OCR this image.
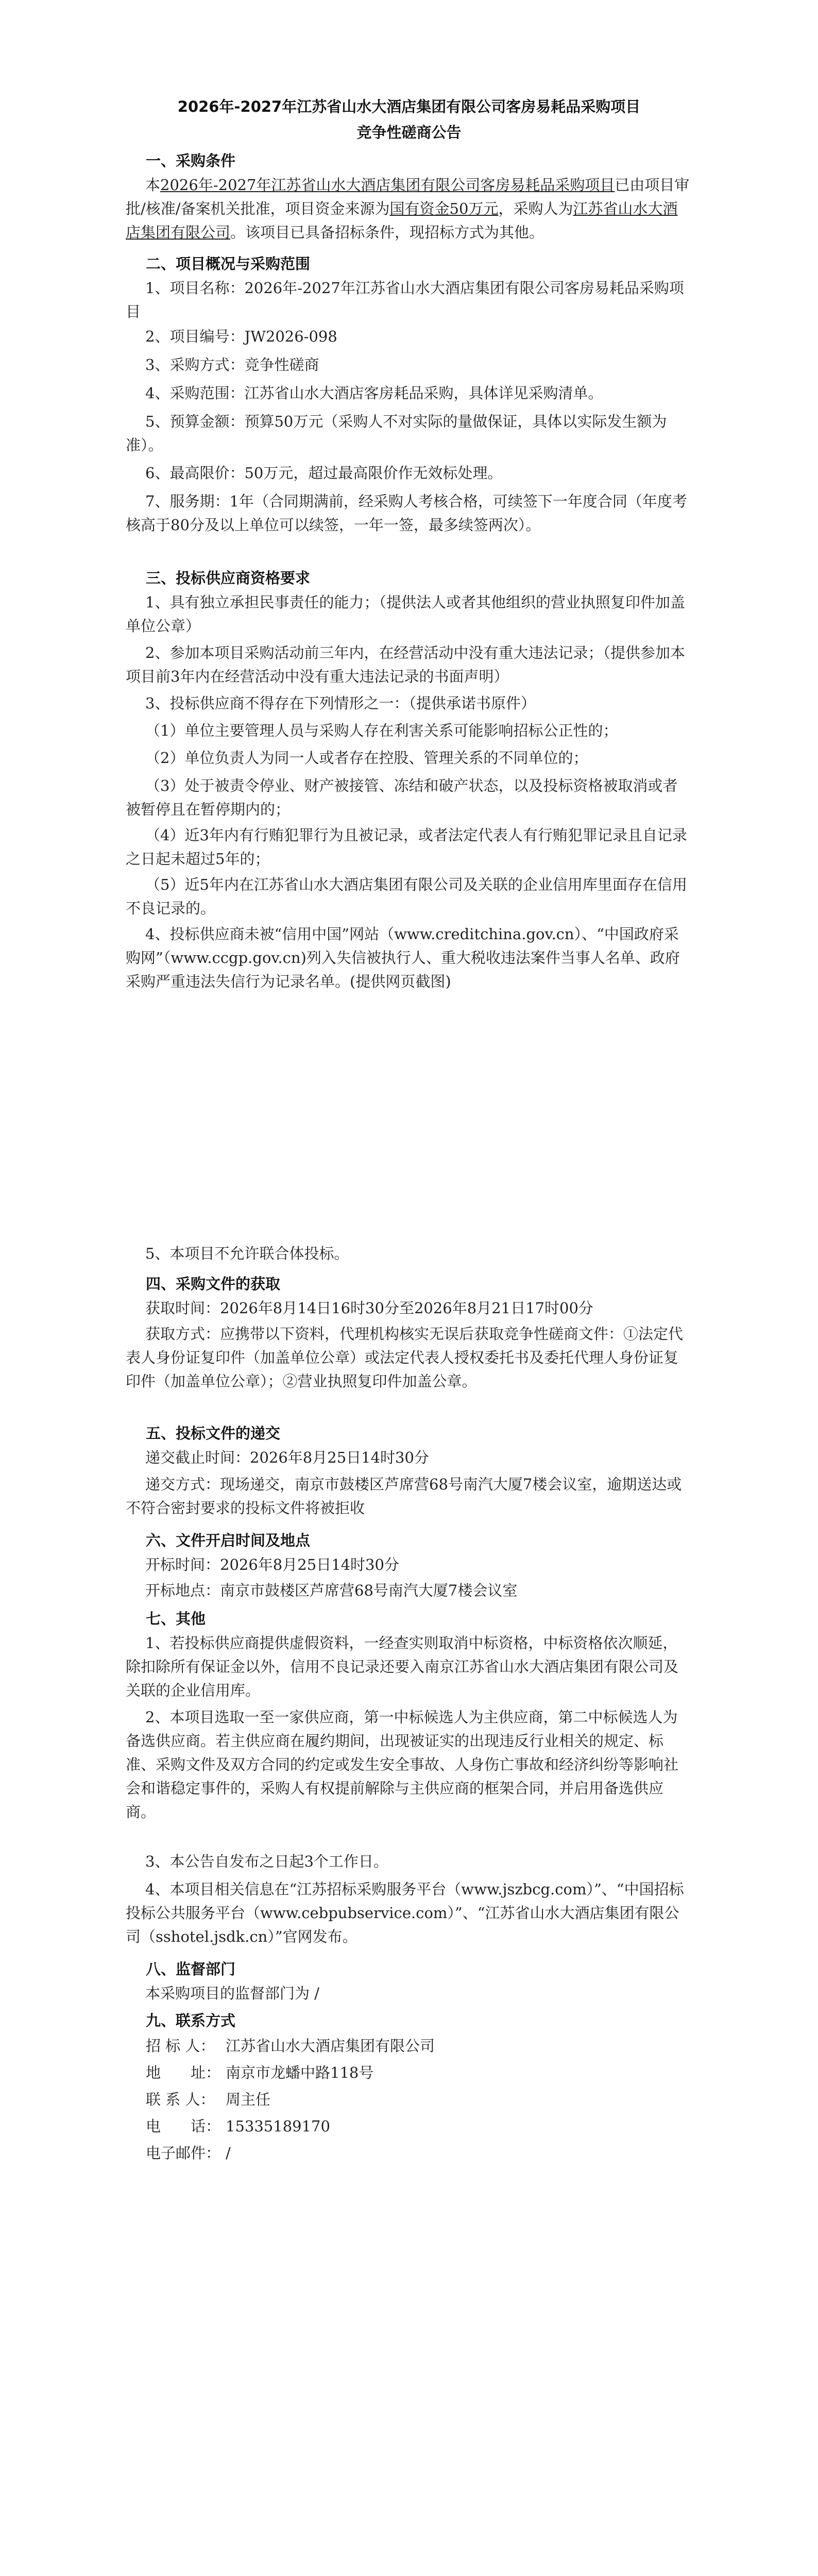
2026年-2027年江苏省山水大酒店集团有限公司客房易耗品采购项目
竞争性磋商公告
一、采购条件
本2026年-2027年江苏省山水大酒店集团有限公司客房易耗品采购项目已由项目审批/核准/备案机关批准，项目资金来源为国有资金50万元，采购人为江苏省山水大酒店集团有限公司。该项目已具备招标条件，现招标方式为其他。
二、项目概况与采购范围
1、项目名称：2026年-2027年江苏省山水大酒店集团有限公司客房易耗品采购项目
2、项目编号：JW2026-098
3、采购方式：竞争性磋商
4、采购范围：江苏省山水大酒店客房耗品采购，具体详见采购清单。
5、预算金额：预算50万元（采购人不对实际的量做保证，具体以实际发生额为准）。
6、最高限价：50万元，超过最高限价作无效标处理。
7、服务期：1年（合同期满前，经采购人考核合格，可续签下一年度合同（年度考核高于80分及以上单位可以续签，一年一签，最多续签两次）。
三、投标供应商资格要求
1、具有独立承担民事责任的能力；（提供法人或者其他组织的营业执照复印件加盖单位公章）
2、参加本项目采购活动前三年内，在经营活动中没有重大违法记录；（提供参加本项目前3年内在经营活动中没有重大违法记录的书面声明）
3、投标供应商不得存在下列情形之一：（提供承诺书原件）
（1）单位主要管理人员与采购人存在利害关系可能影响招标公正性的；
（2）单位负责人为同一人或者存在控股、管理关系的不同单位的；
（3）处于被责令停业、财产被接管、冻结和破产状态，以及投标资格被取消或者被暂停且在暂停期内的；
（4）近3年内有行贿犯罪行为且被记录，或者法定代表人有行贿犯罪记录且自记录之日起未超过5年的；
（5）近5年内在江苏省山水大酒店集团有限公司及关联的企业信用库里面存在信用不良记录的。
4、投标供应商未被“信用中国”网站（www.creditchina.gov.cn）、“中国政府采购网”（www.ccgp.gov.cn)列入失信被执行人、重大税收违法案件当事人名单、政府采购严重违法失信行为记录名单。(提供网页截图)
5、本项目不允许联合体投标。
四、采购文件的获取
获取时间：2026年8月14日16时30分至2026年8月21日17时00分
获取方式：应携带以下资料，代理机构核实无误后获取竞争性磋商文件：①法定代表人身份证复印件（加盖单位公章）或法定代表人授权委托书及委托代理人身份证复印件（加盖单位公章）；②营业执照复印件加盖公章。
五、投标文件的递交
递交截止时间：2026年8月25日14时30分
递交方式：现场递交，南京市鼓楼区芦席营68号南汽大厦7楼会议室，逾期送达或不符合密封要求的投标文件将被拒收
六、文件开启时间及地点
开标时间：2026年8月25日14时30分
开标地点：南京市鼓楼区芦席营68号南汽大厦7楼会议室
七、其他
1、若投标供应商提供虚假资料，一经查实则取消中标资格，中标资格依次顺延，除扣除所有保证金以外，信用不良记录还要入南京江苏省山水大酒店集团有限公司及关联的企业信用库。
2、本项目选取一至一家供应商，第一中标候选人为主供应商，第二中标候选人为备选供应商。若主供应商在履约期间，出现被证实的出现违反行业相关的规定、标准、采购文件及双方合同的约定或发生安全事故、人身伤亡事故和经济纠纷等影响社会和谐稳定事件的，采购人有权提前解除与主供应商的框架合同，并启用备选供应商。
3、本公告自发布之日起3个工作日。
4、本项目相关信息在“江苏招标采购服务平台（www.jszbcg.com）”、“中国招标投标公共服务平台（www.cebpubservice.com）”、“江苏省山水大酒店集团有限公司（sshotel.jsdk.cn）”官网发布。
八、监督部门
本采购项目的监督部门为 /
九、联系方式
招 标 人： 江苏省山水大酒店集团有限公司
地　　址： 南京市龙蟠中路118号
联 系 人： 周主任
电　　话： 15335189170
电子邮件： /
